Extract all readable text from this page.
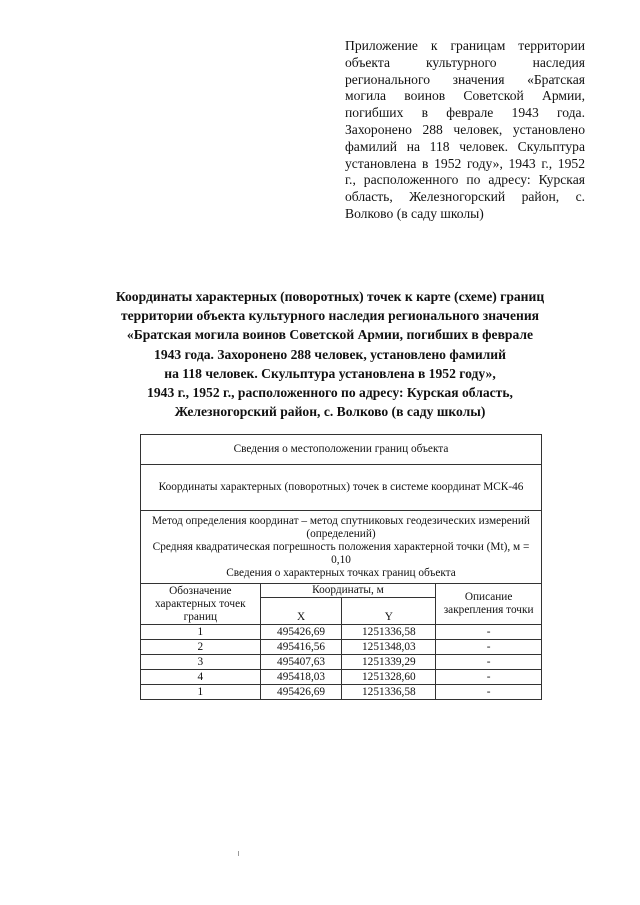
Приложение к границам территории объекта культурного наследия регионального значения «Братская могила воинов Советской Армии, погибших в феврале 1943 года. Захоронено 288 человек, установлено фамилий на 118 человек. Скульптура установлена в 1952 году», 1943 г., 1952 г., расположенного по адресу: Курская область, Железногорский район, с. Волково (в саду школы)
Координаты характерных (поворотных) точек к карте (схеме) границ
территории объекта культурного наследия регионального значения
«Братская могила воинов Советской Армии, погибших в феврале
1943 года. Захоронено 288 человек, установлено фамилий
на 118 человек. Скульптура установлена в 1952 году»,
1943 г., 1952 г., расположенного по адресу: Курская область,
Железногорский район, с. Волково (в саду школы)
Сведения о местоположении границ объекта			
Координаты характерных (поворотных) точек в системе координат МСК-46			

Метод определения координат – метод спутниковых геодезических измерений (определений)
Средняя квадратическая погрешность положения характерной точки (Mt), м = 0,10
Сведения о характерных точках границ объекта			

Обозначение характерных точек границ	Координаты, м		Описание закрепления точки
	X	Y	
1	495426,69	1251336,58	-
2	495416,56	1251348,03	-
3	495407,63	1251339,29	-
4	495418,03	1251328,60	-
1	495426,69	1251336,58	-
